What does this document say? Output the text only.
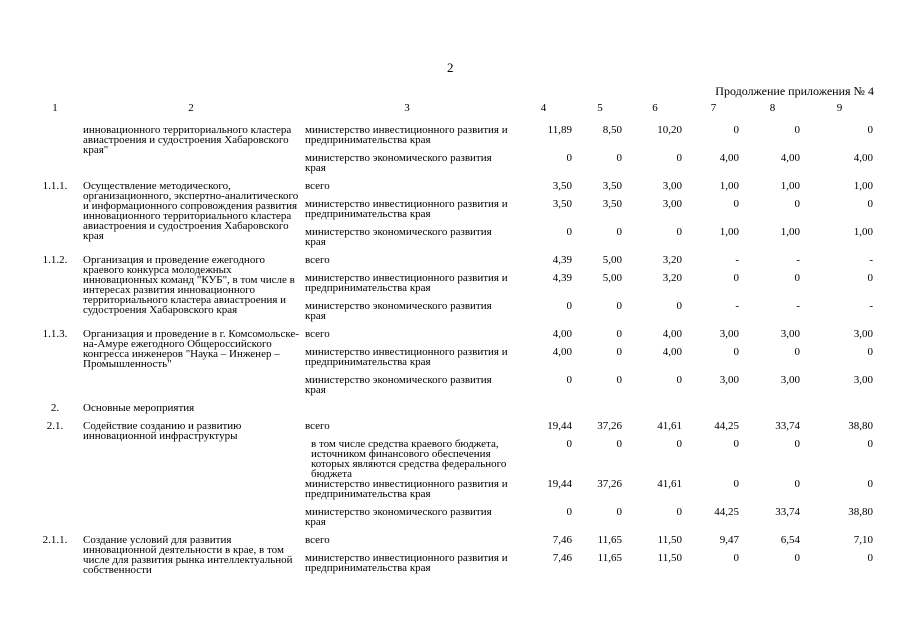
2
Продолжение приложения № 4
1	2	3	4	5	6	7	8	9

	инновационного территориального кластера авиастроения и судостроения Хабаровского края"	министерство инвестиционного развития и предпринимательства края	11,89	8,50	10,20	0	0	0
		министерство экономического развития края	0	0	0	4,00	4,00	4,00
1.1.1.	Осуществление методического, организационного, экспертно-аналитического и информационного сопровождения развития инновационного территориального кластера авиастроения и судостроения Хабаровского края	всего	3,50	3,50	3,00	1,00	1,00	1,00
		министерство инвестиционного развития и предпринимательства края	3,50	3,50	3,00	0	0	0
		министерство экономического развития края	0	0	0	1,00	1,00	1,00
1.1.2.	Организация и проведение ежегодного краевого конкурса молодежных инновационных команд "КУБ", в том числе в интересах развития инновационного территориального кластера авиастроения и судостроения Хабаровского края	всего	4,39	5,00	3,20	-	-	-
		министерство инвестиционного развития и предпринимательства края	4,39	5,00	3,20	0	0	0
		министерство экономического развития края	0	0	0	-	-	-
1.1.3.	Организация и проведение в г. Комсомольске-на-Амуре ежегодного Общероссийского конгресса инженеров "Наука – Инженер – Промышленность"	всего	4,00	0	4,00	3,00	3,00	3,00
		министерство инвестиционного развития и предпринимательства края	4,00	0	4,00	0	0	0
		министерство экономического развития края	0	0	0	3,00	3,00	3,00
2.	Основные мероприятия							
2.1.	Содействие созданию и развитию инновационной инфраструктуры	всего	19,44	37,26	41,61	44,25	33,74	38,80
		в том числе средства краевого бюджета, источником финансового обеспечения которых являются средства федерального бюджета	0	0	0	0	0	0
		министерство инвестиционного развития и предпринимательства края	19,44	37,26	41,61	0	0	0
		министерство экономического развития края	0	0	0	44,25	33,74	38,80
2.1.1.	Создание условий для развития инновационной деятельности в крае, в том числе для развития рынка интеллектуальной собственности	всего	7,46	11,65	11,50	9,47	6,54	7,10
		министерство инвестиционного развития и предпринимательства края	7,46	11,65	11,50	0	0	0
